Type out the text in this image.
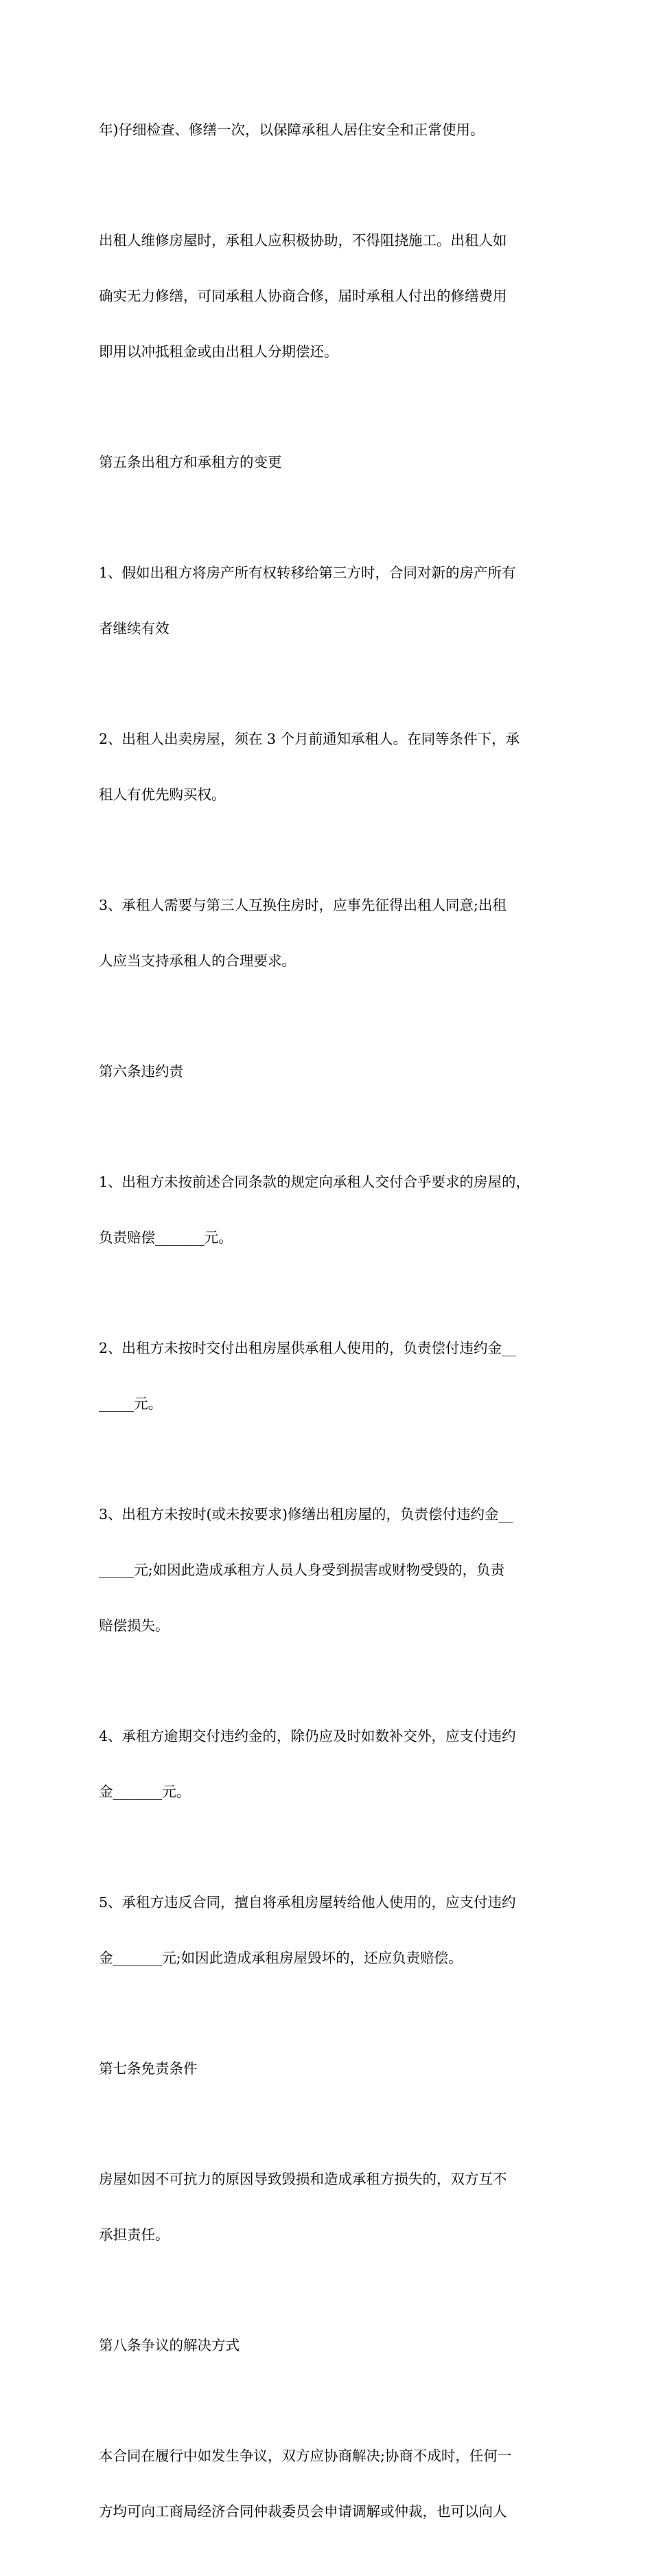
年)仔细检查、修缮一次，以保障承租人居住安全和正常使用。

出租人维修房屋时，承租人应积极协助，不得阻挠施工。出租人如

确实无力修缮，可同承租人协商合修，届时承租人付出的修缮费用

即用以冲抵租金或由出租人分期偿还。

第五条出租方和承租方的变更

1、假如出租方将房产所有权转移给第三方时，合同对新的房产所有

者继续有效

2、出租人出卖房屋，须在 3 个月前通知承租人。在同等条件下，承

租人有优先购买权。

3、承租人需要与第三人互换住房时，应事先征得出租人同意;出租

人应当支持承租人的合理要求。

第六条违约责

1、出租方未按前述合同条款的规定向承租人交付合乎要求的房屋的，

负责赔偿_______元。

2、出租方未按时交付出租房屋供承租人使用的，负责偿付违约金__

_____元。

3、出租方未按时(或未按要求)修缮出租房屋的，负责偿付违约金__

_____元;如因此造成承租方人员人身受到损害或财物受毁的，负责

赔偿损失。

4、承租方逾期交付违约金的，除仍应及时如数补交外，应支付违约

金_______元。

5、承租方违反合同，擅自将承租房屋转给他人使用的，应支付违约

金_______元;如因此造成承租房屋毁坏的，还应负责赔偿。

第七条免责条件

房屋如因不可抗力的原因导致毁损和造成承租方损失的，双方互不

承担责任。

第八条争议的解决方式

本合同在履行中如发生争议，双方应协商解决;协商不成时，任何一

方均可向工商局经济合同仲裁委员会申请调解或仲裁，也可以向人
